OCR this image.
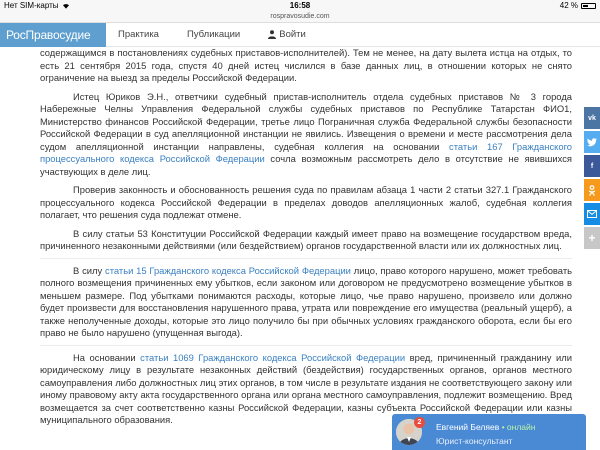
16:58
Нет SIM-карты	42 %
rospravosudie.com
РосПравосудие	Практика	Публикации	Войти

содержащимся в постановлениях судебных приставов-исполнителей). Тем не менее, на дату вылета истца на отдых, то есть 21 сентября 2015 года, спустя 40 дней истец числился в базе данных лиц, в отношении которых не снято ограничение на выезд за пределы Российской Федерации.

Истец Юриков Э.Н., ответчики судебный пристав-исполнитель отдела судебных приставов № 3 города Набережные Челны Управления Федеральной службы судебных приставов по Республике Татарстан ФИО1, Министерство финансов Российской Федерации, третье лицо Пограничная служба Федеральной службы безопасности Российской Федерации в суд апелляционной инстанции не явились. Извещения о времени и месте рассмотрения дела судом апелляционной инстанции направлены, судебная коллегия на основании статьи 167 Гражданского процессуального кодекса Российской Федерации сочла возможным рассмотреть дело в отсутствие не явившихся участвующих в деле лиц.

Проверив законность и обоснованность решения суда по правилам абзаца 1 части 2 статьи 327.1 Гражданского процессуального кодекса Российской Федерации в пределах доводов апелляционных жалоб, судебная коллегия полагает, что решения суда подлежат отмене.

В силу статьи 53 Конституции Российской Федерации каждый имеет право на возмещение государством вреда, причиненного незаконными действиями (или бездействием) органов государственной власти или их должностных лиц.

В силу статьи 15 Гражданского кодекса Российской Федерации лицо, право которого нарушено, может требовать полного возмещения причиненных ему убытков, если законом или договором не предусмотрено возмещение убытков в меньшем размере. Под убытками понимаются расходы, которые лицо, чье право нарушено, произвело или должно будет произвести для восстановления нарушенного права, утрата или повреждение его имущества (реальный ущерб), а также неполученные доходы, которые это лицо получило бы при обычных условиях гражданского оборота, если бы его право не было нарушено (упущенная выгода).

На основании статьи 1069 Гражданского кодекса Российской Федерации вред, причиненный гражданину или юридическому лицу в результате незаконных действий (бездействия) государственных органов, органов местного самоуправления либо должностных лиц этих органов, в том числе в результате издания не соответствующего закону или иному правовому акту акта государственного органа или органа местного самоуправления, подлежит возмещению. Вред возмещается за счет соответственно казны Российской Федерации, казны субъекта Российской Федерации или казны муниципального образования.

vk
f
+
2	Евгений Беляев • онлайн
Юрист-консультант
